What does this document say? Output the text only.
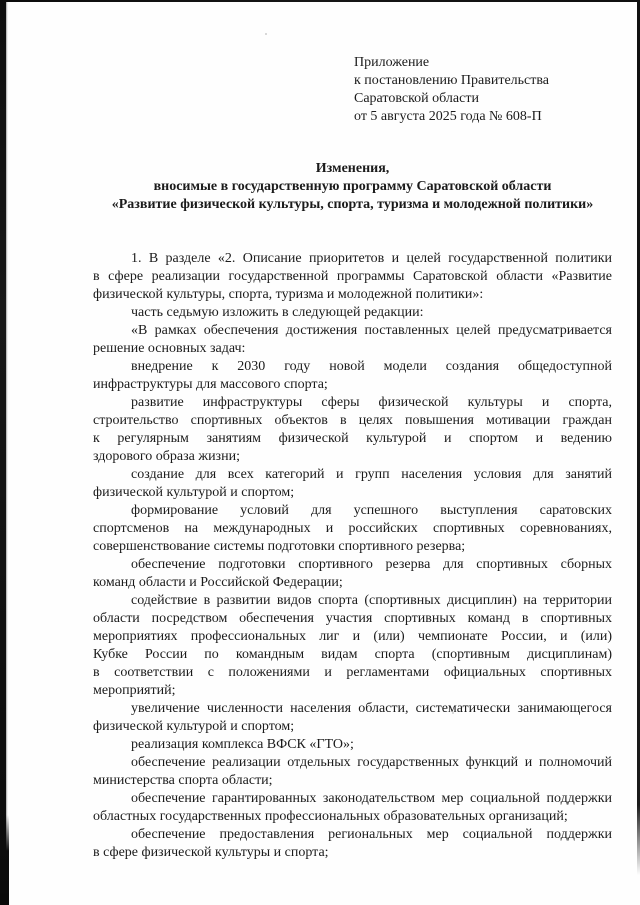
Приложение
к постановлению Правительства
Саратовской области
от 5 августа 2025 года № 608-П
Изменения,
вносимые в государственную программу Саратовской области
«Развитие физической культуры, спорта, туризма и молодежной политики»
1. В разделе «2. Описание приоритетов и целей государственной политики
в сфере реализации государственной программы Саратовской области «Развитие
физической культуры, спорта, туризма и молодежной политики»:
часть седьмую изложить в следующей редакции:
«В рамках обеспечения достижения поставленных целей предусматривается
решение основных задач:
внедрение к 2030 году новой модели создания общедоступной
инфраструктуры для массового спорта;
развитие инфраструктуры сферы физической культуры и спорта,
строительство спортивных объектов в целях повышения мотивации граждан
к регулярным занятиям физической культурой и спортом и ведению
здорового образа жизни;
создание для всех категорий и групп населения условия для занятий
физической культурой и спортом;
формирование условий для успешного выступления саратовских
спортсменов на международных и российских спортивных соревнованиях,
совершенствование системы подготовки спортивного резерва;
обеспечение подготовки спортивного резерва для спортивных сборных
команд области и Российской Федерации;
содействие в развитии видов спорта (спортивных дисциплин) на территории
области посредством обеспечения участия спортивных команд в спортивных
мероприятиях профессиональных лиг и (или) чемпионате России, и (или)
Кубке России по командным видам спорта (спортивным дисциплинам)
в соответствии с положениями и регламентами официальных спортивных
мероприятий;
увеличение численности населения области, систематически занимающегося
физической культурой и спортом;
реализация комплекса ВФСК «ГТО»;
обеспечение реализации отдельных государственных функций и полномочий
министерства спорта области;
обеспечение гарантированных законодательством мер социальной поддержки
областных государственных профессиональных образовательных организаций;
обеспечение предоставления региональных мер социальной поддержки
в сфере физической культуры и спорта;
